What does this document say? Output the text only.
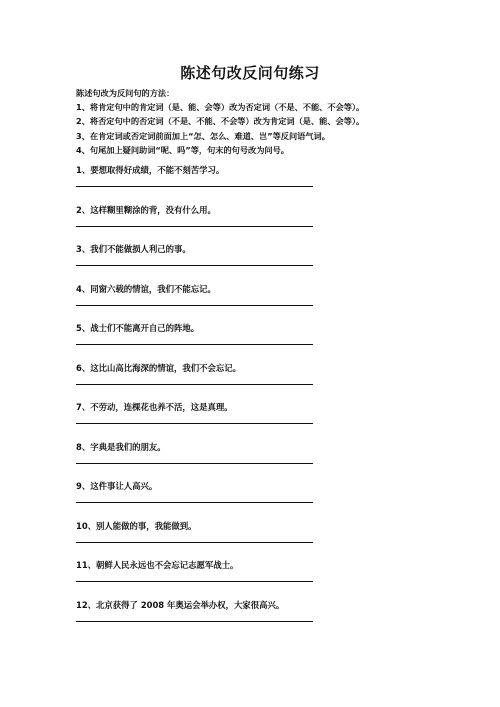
陈述句改反问句练习
陈述句改为反问句的方法：
1、将肯定句中的肯定词（是、能、会等）改为否定词（不是、不能、不会等）。
2、将否定句中的否定词（不是、不能、不会等）改为肯定词（是、能、会等）。
3、在肯定词或否定词前面加上“怎、怎么、难道、岂”等反问语气词。
4、句尾加上疑问助词“呢、吗”等，句末的句号改为问号。
1、要想取得好成绩，不能不刻苦学习。
2、这样糊里糊涂的背，没有什么用。
3、我们不能做损人利己的事。
4、同窗六载的情谊，我们不能忘记。
5、战士们不能离开自己的阵地。
6、这比山高比海深的情谊，我们不会忘记。
7、不劳动，连棵花也养不活，这是真理。
8、字典是我们的朋友。
9、这件事让人高兴。
10、别人能做的事，我能做到。
11、朝鲜人民永远也不会忘记志愿军战士。
12、北京获得了 2008 年奥运会举办权，大家很高兴。
